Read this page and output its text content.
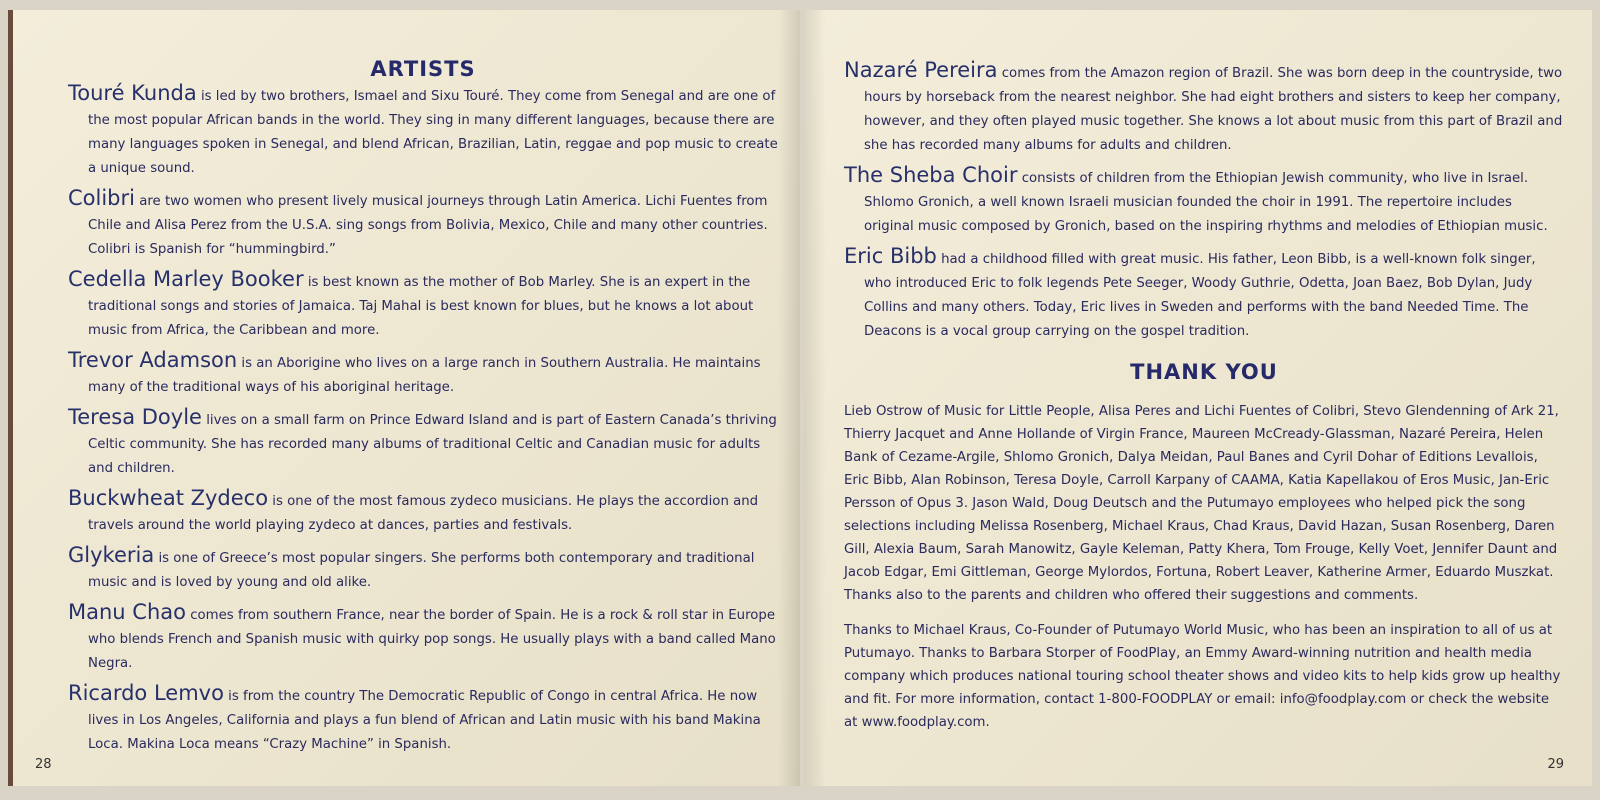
ARTISTS
Touré Kunda is led by two brothers, Ismael and Sixu Touré. They come from Senegal and are one of the most popular African bands in the world. They sing in many different languages, because there are many languages spoken in Senegal, and blend African, Brazilian, Latin, reggae and pop music to create a unique sound.
Colibri are two women who present lively musical journeys through Latin America. Lichi Fuentes from Chile and Alisa Perez from the U.S.A. sing songs from Bolivia, Mexico, Chile and many other countries. Colibri is Spanish for “hummingbird.”
Cedella Marley Booker is best known as the mother of Bob Marley. She is an expert in the traditional songs and stories of Jamaica. Taj Mahal is best known for blues, but he knows a lot about music from Africa, the Caribbean and more.
Trevor Adamson is an Aborigine who lives on a large ranch in Southern Australia. He maintains many of the traditional ways of his aboriginal heritage.
Teresa Doyle lives on a small farm on Prince Edward Island and is part of Eastern Canada’s thriving Celtic community. She has recorded many albums of traditional Celtic and Canadian music for adults and children.
Buckwheat Zydeco is one of the most famous zydeco musicians. He plays the accordion and travels around the world playing zydeco at dances, parties and festivals.
Glykeria is one of Greece’s most popular singers. She performs both contemporary and traditional music and is loved by young and old alike.
Manu Chao comes from southern France, near the border of Spain. He is a rock & roll star in Europe who blends French and Spanish music with quirky pop songs. He usually plays with a band called Mano Negra.
Ricardo Lemvo is from the country The Democratic Republic of Congo in central Africa. He now lives in Los Angeles, California and plays a fun blend of African and Latin music with his band Makina Loca. Makina Loca means “Crazy Machine” in Spanish.
28
Nazaré Pereira comes from the Amazon region of Brazil. She was born deep in the countryside, two hours by horseback from the nearest neighbor. She had eight brothers and sisters to keep her company, however, and they often played music together. She knows a lot about music from this part of Brazil and she has recorded many albums for adults and children.
The Sheba Choir consists of children from the Ethiopian Jewish community, who live in Israel. Shlomo Gronich, a well known Israeli musician founded the choir in 1991. The repertoire includes original music composed by Gronich, based on the inspiring rhythms and melodies of Ethiopian music.
Eric Bibb had a childhood filled with great music. His father, Leon Bibb, is a well-known folk singer, who introduced Eric to folk legends Pete Seeger, Woody Guthrie, Odetta, Joan Baez, Bob Dylan, Judy Collins and many others. Today, Eric lives in Sweden and performs with the band Needed Time. The Deacons is a vocal group carrying on the gospel tradition.
THANK YOU
Lieb Ostrow of Music for Little People, Alisa Peres and Lichi Fuentes of Colibri, Stevo Glendenning of Ark 21, Thierry Jacquet and Anne Hollande of Virgin France, Maureen McCready-Glassman, Nazaré Pereira, Helen Bank of Cezame-Argile, Shlomo Gronich, Dalya Meidan, Paul Banes and Cyril Dohar of Editions Levallois, Eric Bibb, Alan Robinson, Teresa Doyle, Carroll Karpany of CAAMA, Katia Kapellakou of Eros Music, Jan-Eric Persson of Opus 3. Jason Wald, Doug Deutsch and the Putumayo employees who helped pick the song selections including Melissa Rosenberg, Michael Kraus, Chad Kraus, David Hazan, Susan Rosenberg, Daren Gill, Alexia Baum, Sarah Manowitz, Gayle Keleman, Patty Khera, Tom Frouge, Kelly Voet, Jennifer Daunt and Jacob Edgar, Emi Gittleman, George Mylordos, Fortuna, Robert Leaver, Katherine Armer, Eduardo Muszkat. Thanks also to the parents and children who offered their suggestions and comments.
Thanks to Michael Kraus, Co-Founder of Putumayo World Music, who has been an inspiration to all of us at Putumayo. Thanks to Barbara Storper of FoodPlay, an Emmy Award-winning nutrition and health media company which produces national touring school theater shows and video kits to help kids grow up healthy and fit. For more information, contact 1-800-FOODPLAY or email: info@foodplay.com or check the website at www.foodplay.com.
29
